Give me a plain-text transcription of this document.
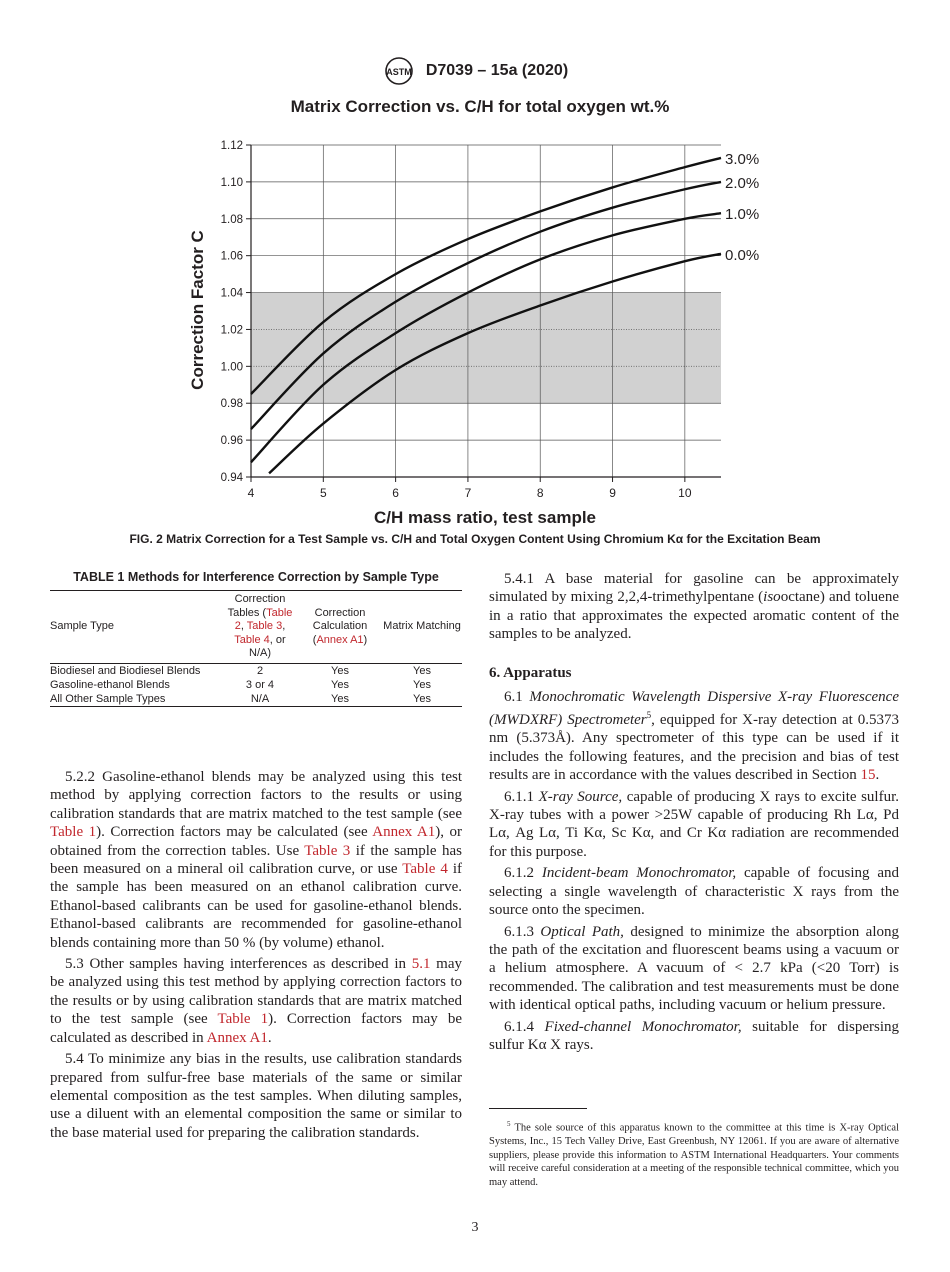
ASTM D7039 – 15a (2020)
Matrix Correction vs. C/H for total oxygen wt.%
0.94
0.96
0.98
1.00
1.02
1.04
1.06
1.08
1.10
1.12
4	5	6	7	8	9	10
3.0%
2.0%
1.0%
0.0%
C/H mass ratio, test sample
Correction Factor C
FIG. 2 Matrix Correction for a Test Sample vs. C/H and Total Oxygen Content Using Chromium Kα for the Excitation Beam
TABLE 1 Methods for Interference Correction by Sample Type
Sample Type	Correction Tables (Table 2, Table 3, Table 4, or N/A)	Correction Calculation (Annex A1)	Matrix Matching
Biodiesel and Biodiesel Blends	2	Yes	Yes
Gasoline-ethanol Blends	3 or 4	Yes	Yes
All Other Sample Types	N/A	Yes	Yes

5.2.2 Gasoline-ethanol blends may be analyzed using this test method by applying correction factors to the results or using calibration standards that are matrix matched to the test sample (see Table 1). Correction factors may be calculated (see Annex A1), or obtained from the correction tables. Use Table 3 if the sample has been measured on a mineral oil calibration curve, or use Table 4 if the sample has been measured on an ethanol calibration curve. Ethanol-based calibrants can be used for gasoline-ethanol blends. Ethanol-based calibrants are recommended for gasoline-ethanol blends containing more than 50 % (by volume) ethanol.

5.3 Other samples having interferences as described in 5.1 may be analyzed using this test method by applying correction factors to the results or by using calibration standards that are matrix matched to the test sample (see Table 1). Correction factors may be calculated as described in Annex A1.

5.4 To minimize any bias in the results, use calibration standards prepared from sulfur-free base materials of the same or similar elemental composition as the test samples. When diluting samples, use a diluent with an elemental composition the same or similar to the base material used for preparing the calibration standards.

5.4.1 A base material for gasoline can be approximately simulated by mixing 2,2,4-trimethylpentane (isooctane) and toluene in a ratio that approximates the expected aromatic content of the samples to be analyzed.

6. Apparatus

6.1 Monochromatic Wavelength Dispersive X-ray Fluorescence (MWDXRF) Spectrometer$^5$, equipped for X-ray detection at 0.5373 nm (5.373Å). Any spectrometer of this type can be used if it includes the following features, and the precision and bias of test results are in accordance with the values described in Section 15.

6.1.1 X-ray Source, capable of producing X rays to excite sulfur. X-ray tubes with a power >25W capable of producing Rh Lα, Pd Lα, Ag Lα, Ti Kα, Sc Kα, and Cr Kα radiation are recommended for this purpose.

6.1.2 Incident-beam Monochromator, capable of focusing and selecting a single wavelength of characteristic X rays from the source onto the specimen.

6.1.3 Optical Path, designed to minimize the absorption along the path of the excitation and fluorescent beams using a vacuum or a helium atmosphere. A vacuum of < 2.7 kPa (<20 Torr) is recommended. The calibration and test measurements must be done with identical optical paths, including vacuum or helium pressure.

6.1.4 Fixed-channel Monochromator, suitable for dispersing sulfur Kα X rays.

$^5$ The sole source of this apparatus known to the committee at this time is X-ray Optical Systems, Inc., 15 Tech Valley Drive, East Greenbush, NY 12061. If you are aware of alternative suppliers, please provide this information to ASTM International Headquarters. Your comments will receive careful consideration at a meeting of the responsible technical committee, which you may attend.
3
